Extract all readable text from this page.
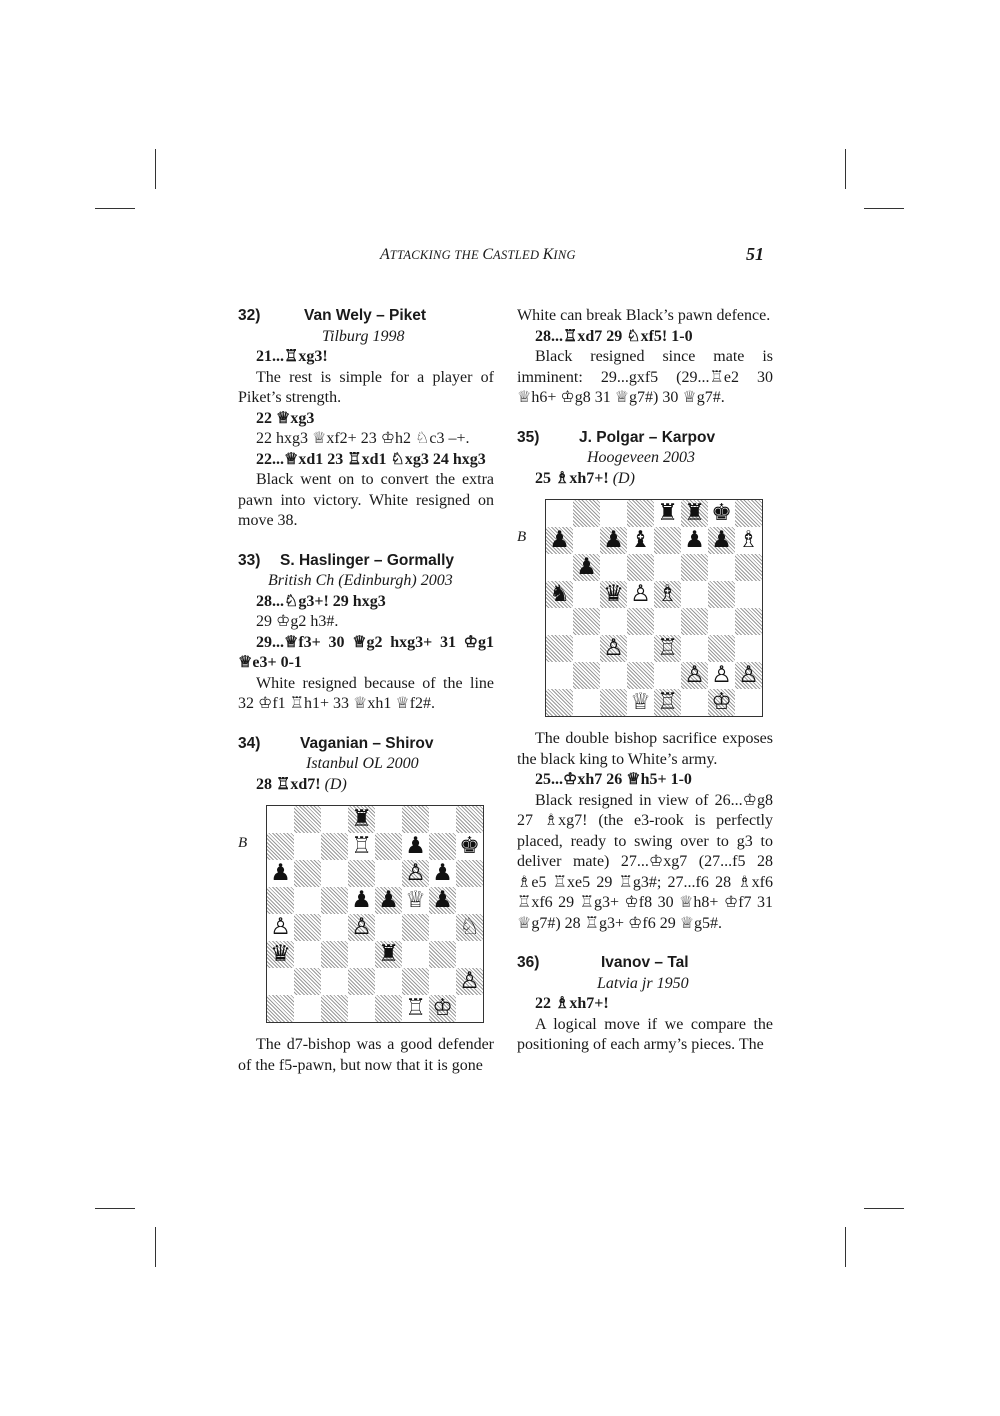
ATTACKING THE CASTLED KING	51
32)	Van Wely – Piket

Tilburg 1998

21...♖xg3!

The rest is simple for a player of Piket’s strength.

22 ♕xg3

22 hxg3 ♕xf2+ 23 ♔h2 ♘c3 –+.

22...♕xd1 23 ♖xd1 ♘xg3 24 hxg3

Black went on to convert the extra pawn into victory. White resigned on move 38.

33)	S. Haslinger – Gormally

British Ch (Edinburgh) 2003

28...♘g3+! 29 hxg3

29 ♔g2 h3#.

29...♕f3+ 30 ♕g2 hxg3+ 31 ♔g1 ♕e3+ 0-1

White resigned because of the line 32 ♔f1 ♖h1+ 33 ♕xh1 ♕f2#.

34)	Vaganian – Shirov

Istanbul OL 2000

28 ♖xd7! (D)

B
♜
♖ ♟ ♚
♟	♙ ♟
♟ ♟ ♕ ♟
♙	♙	♘
♛	♜
♙
♖ ♔

The d7-bishop was a good defender of the f5-pawn, but now that it is gone

White can break Black’s pawn defence.

28...♖xd7 29 ♘xf5! 1-0

Black resigned since mate is imminent: 29...gxf5 (29...♖e2 30 ♕h6+ ♔g8 31 ♕g7#) 30 ♕g7#.

35)	J. Polgar – Karpov

Hoogeveen 2003

25 ♗xh7+! (D)

B
♜ ♜ ♚
♟ ♟ ♝ ♟ ♟ ♗
♟
♞ ♛ ♙ ♗
♙ ♖
♙ ♙ ♙
♕ ♖ ♔

The double bishop sacrifice exposes the black king to White’s army.

25...♔xh7 26 ♕h5+ 1-0

Black resigned in view of 26...♔g8 27 ♗xg7! (the e3-rook is perfectly placed, ready to swing over to g3 to deliver mate) 27...♔xg7 (27...f5 28 ♗e5 ♖xe5 29 ♖g3#; 27...f6 28 ♗xf6 ♖xf6 29 ♖g3+ ♔f8 30 ♕h8+ ♔f7 31 ♕g7#) 28 ♖g3+ ♔f6 29 ♕g5#.

36)	Ivanov – Tal

Latvia jr 1950

22 ♗xh7+!

A logical move if we compare the positioning of each army’s pieces. The
